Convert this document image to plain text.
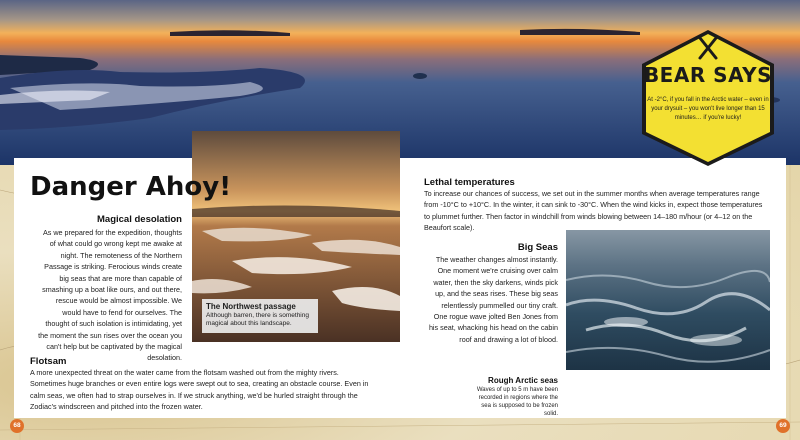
BEAR SAYS
At -2°C, if you fall in the Arctic water – even in your drysuit – you won't live longer than 15 minutes… if you're lucky!
The Northwest passage
Although barren, there is something magical about this landscape.
Danger Ahoy!
Magical desolation
As we prepared for the expedition, thoughts of what could go wrong kept me awake at night. The remoteness of the Northern Passage is striking. Ferocious winds create big seas that are more than capable of smashing up a boat like ours, and out there, rescue would be almost impossible. We would have to fend for ourselves. The thought of such isolation is intimidating, yet the moment the sun rises over the ocean you can't help but be captivated by the magical desolation.
Lethal temperatures
To increase our chances of success, we set out in the summer months when average temperatures range from -10°C to +10°C. In the winter, it can sink to -30°C. When the wind kicks in, expect those temperatures to plummet further. Then factor in windchill from winds blowing between 14–180 m/hour (or 4–12 on the Beaufort scale).
Big Seas
The weather changes almost instantly. One moment we're cruising over calm water, then the sky darkens, winds pick up, and the seas rises. These big seas relentlessly pummelled our tiny craft. One rogue wave jolted Ben Jones from his seat, whacking his head on the cabin roof and drawing a lot of blood.
Rough Arctic seas
Waves of up to 5 m have been recorded in regions where the sea is supposed to be frozen solid.
Flotsam
A more unexpected threat on the water came from the flotsam washed out from the mighty rivers. Sometimes huge branches or even entire logs were swept out to sea, creating an obstacle course. Even in calm seas, we often had to strap ourselves in. If we struck anything, we'd be hurled straight through the Zodiac's windscreen and pitched into the frozen water.
68	69
